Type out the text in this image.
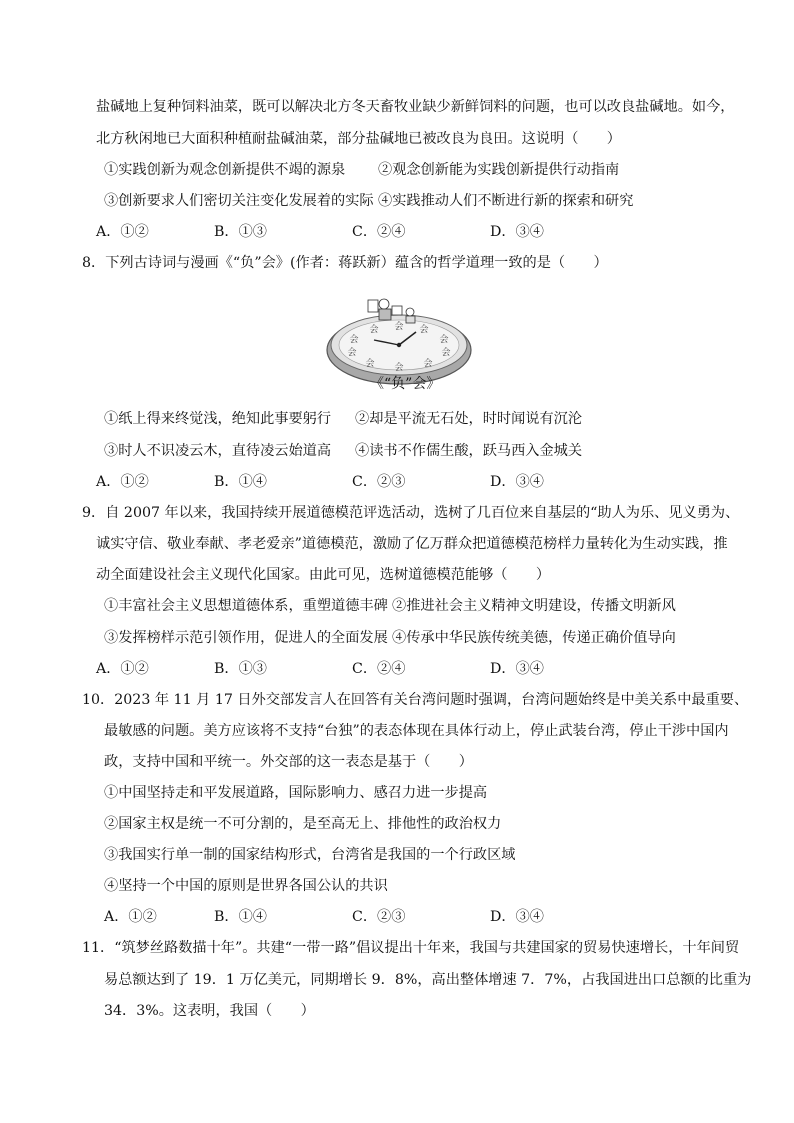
盐碱地上复种饲料油菜，既可以解决北方冬天畜牧业缺少新鲜饲料的问题，也可以改良盐碱地。如今，
北方秋闲地已大面积种植耐盐碱油菜，部分盐碱地已被改良为良田。这说明（　　）
①实践创新为观念创新提供不竭的源泉 ②观念创新能为实践创新提供行动指南
③创新要求人们密切关注变化发展着的实际 ④实践推动人们不断进行新的探索和研究
A．①②	B．①③	C．②④	D．③④
8．下列古诗词与漫画《“负”会》(作者：蒋跃新）蕴含的哲学道理一致的是（　　）
会 会
会
会
会
会
会
会
会
会
《“负”会》
①纸上得来终觉浅，绝知此事要躬行 ②却是平流无石处，时时闻说有沉沦
③时人不识凌云木，直待凌云始道高 ④读书不作儒生酸，跃马西入金城关
A．①②	B．①④	C．②③	D．③④
9．自 2007 年以来，我国持续开展道德模范评选活动，选树了几百位来自基层的“助人为乐、见义勇为、
诚实守信、敬业奉献、孝老爱亲”道德模范，激励了亿万群众把道德模范榜样力量转化为生动实践，推
动全面建设社会主义现代化国家。由此可见，选树道德模范能够（　　）
①丰富社会主义思想道德体系，重塑道德丰碑 ②推进社会主义精神文明建设，传播文明新风
③发挥榜样示范引领作用，促进人的全面发展 ④传承中华民族传统美德，传递正确价值导向
A．①②	B．①③	C．②④	D．③④
10．2023 年 11 月 17 日外交部发言人在回答有关台湾问题时强调，台湾问题始终是中美关系中最重要、
最敏感的问题。美方应该将不支持“台独”的表态体现在具体行动上，停止武装台湾，停止干涉中国内
政，支持中国和平统一。外交部的这一表态是基于（　　）
①中国坚持走和平发展道路，国际影响力、感召力进一步提高
②国家主权是统一不可分割的，是至高无上、排他性的政治权力
③我国实行单一制的国家结构形式，台湾省是我国的一个行政区域
④坚持一个中国的原则是世界各国公认的共识
A．①②	B．①④	C．②③	D．③④
11．“筑梦丝路数描十年”。共建“一带一路”倡议提出十年来，我国与共建国家的贸易快速增长，十年间贸
易总额达到了 19．1 万亿美元，同期增长 9．8%，高出整体增速 7．7%，占我国进出口总额的比重为
34．3%。这表明，我国（　　）
